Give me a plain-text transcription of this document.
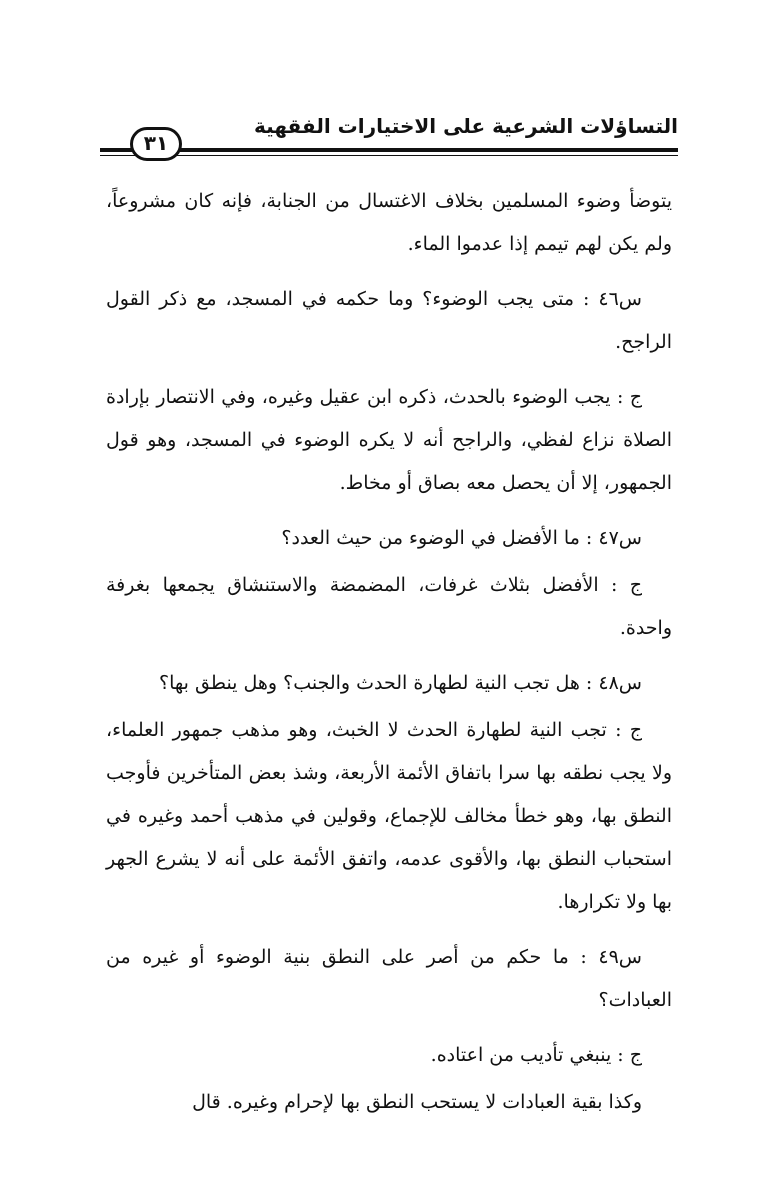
التساؤلات الشرعية على الاختيارات الفقهية
٣١

يتوضأ وضوء المسلمين بخلاف الاغتسال من الجنابة، فإنه كان مشروعاً، ولم يكن لهم تيمم إذا عدموا الماء.

س٤٦ : متى يجب الوضوء؟ وما حكمه في المسجد، مع ذكر القول الراجح.

ج : يجب الوضوء بالحدث، ذكره ابن عقيل وغيره، وفي الانتصار بإرادة الصلاة نزاع لفظي، والراجح أنه لا يكره الوضوء في المسجد، وهو قول الجمهور، إلا أن يحصل معه بصاق أو مخاط.

س٤٧ : ما الأفضل في الوضوء من حيث العدد؟

ج : الأفضل بثلاث غرفات، المضمضة والاستنشاق يجمعها بغرفة واحدة.

س٤٨ : هل تجب النية لطهارة الحدث والجنب؟ وهل ينطق بها؟

ج : تجب النية لطهارة الحدث لا الخبث، وهو مذهب جمهور العلماء، ولا يجب نطقه بها سرا باتفاق الأئمة الأربعة، وشذ بعض المتأخرين فأوجب النطق بها، وهو خطأ مخالف للإجماع، وقولين في مذهب أحمد وغيره في استحباب النطق بها، والأقوى عدمه، واتفق الأئمة على أنه لا يشرع الجهر بها ولا تكرارها.

س٤٩ : ما حكم من أصر على النطق بنية الوضوء أو غيره من العبادات؟

ج : ينبغي تأديب من اعتاده.

وكذا بقية العبادات لا يستحب النطق بها لإحرام وغيره. قال
